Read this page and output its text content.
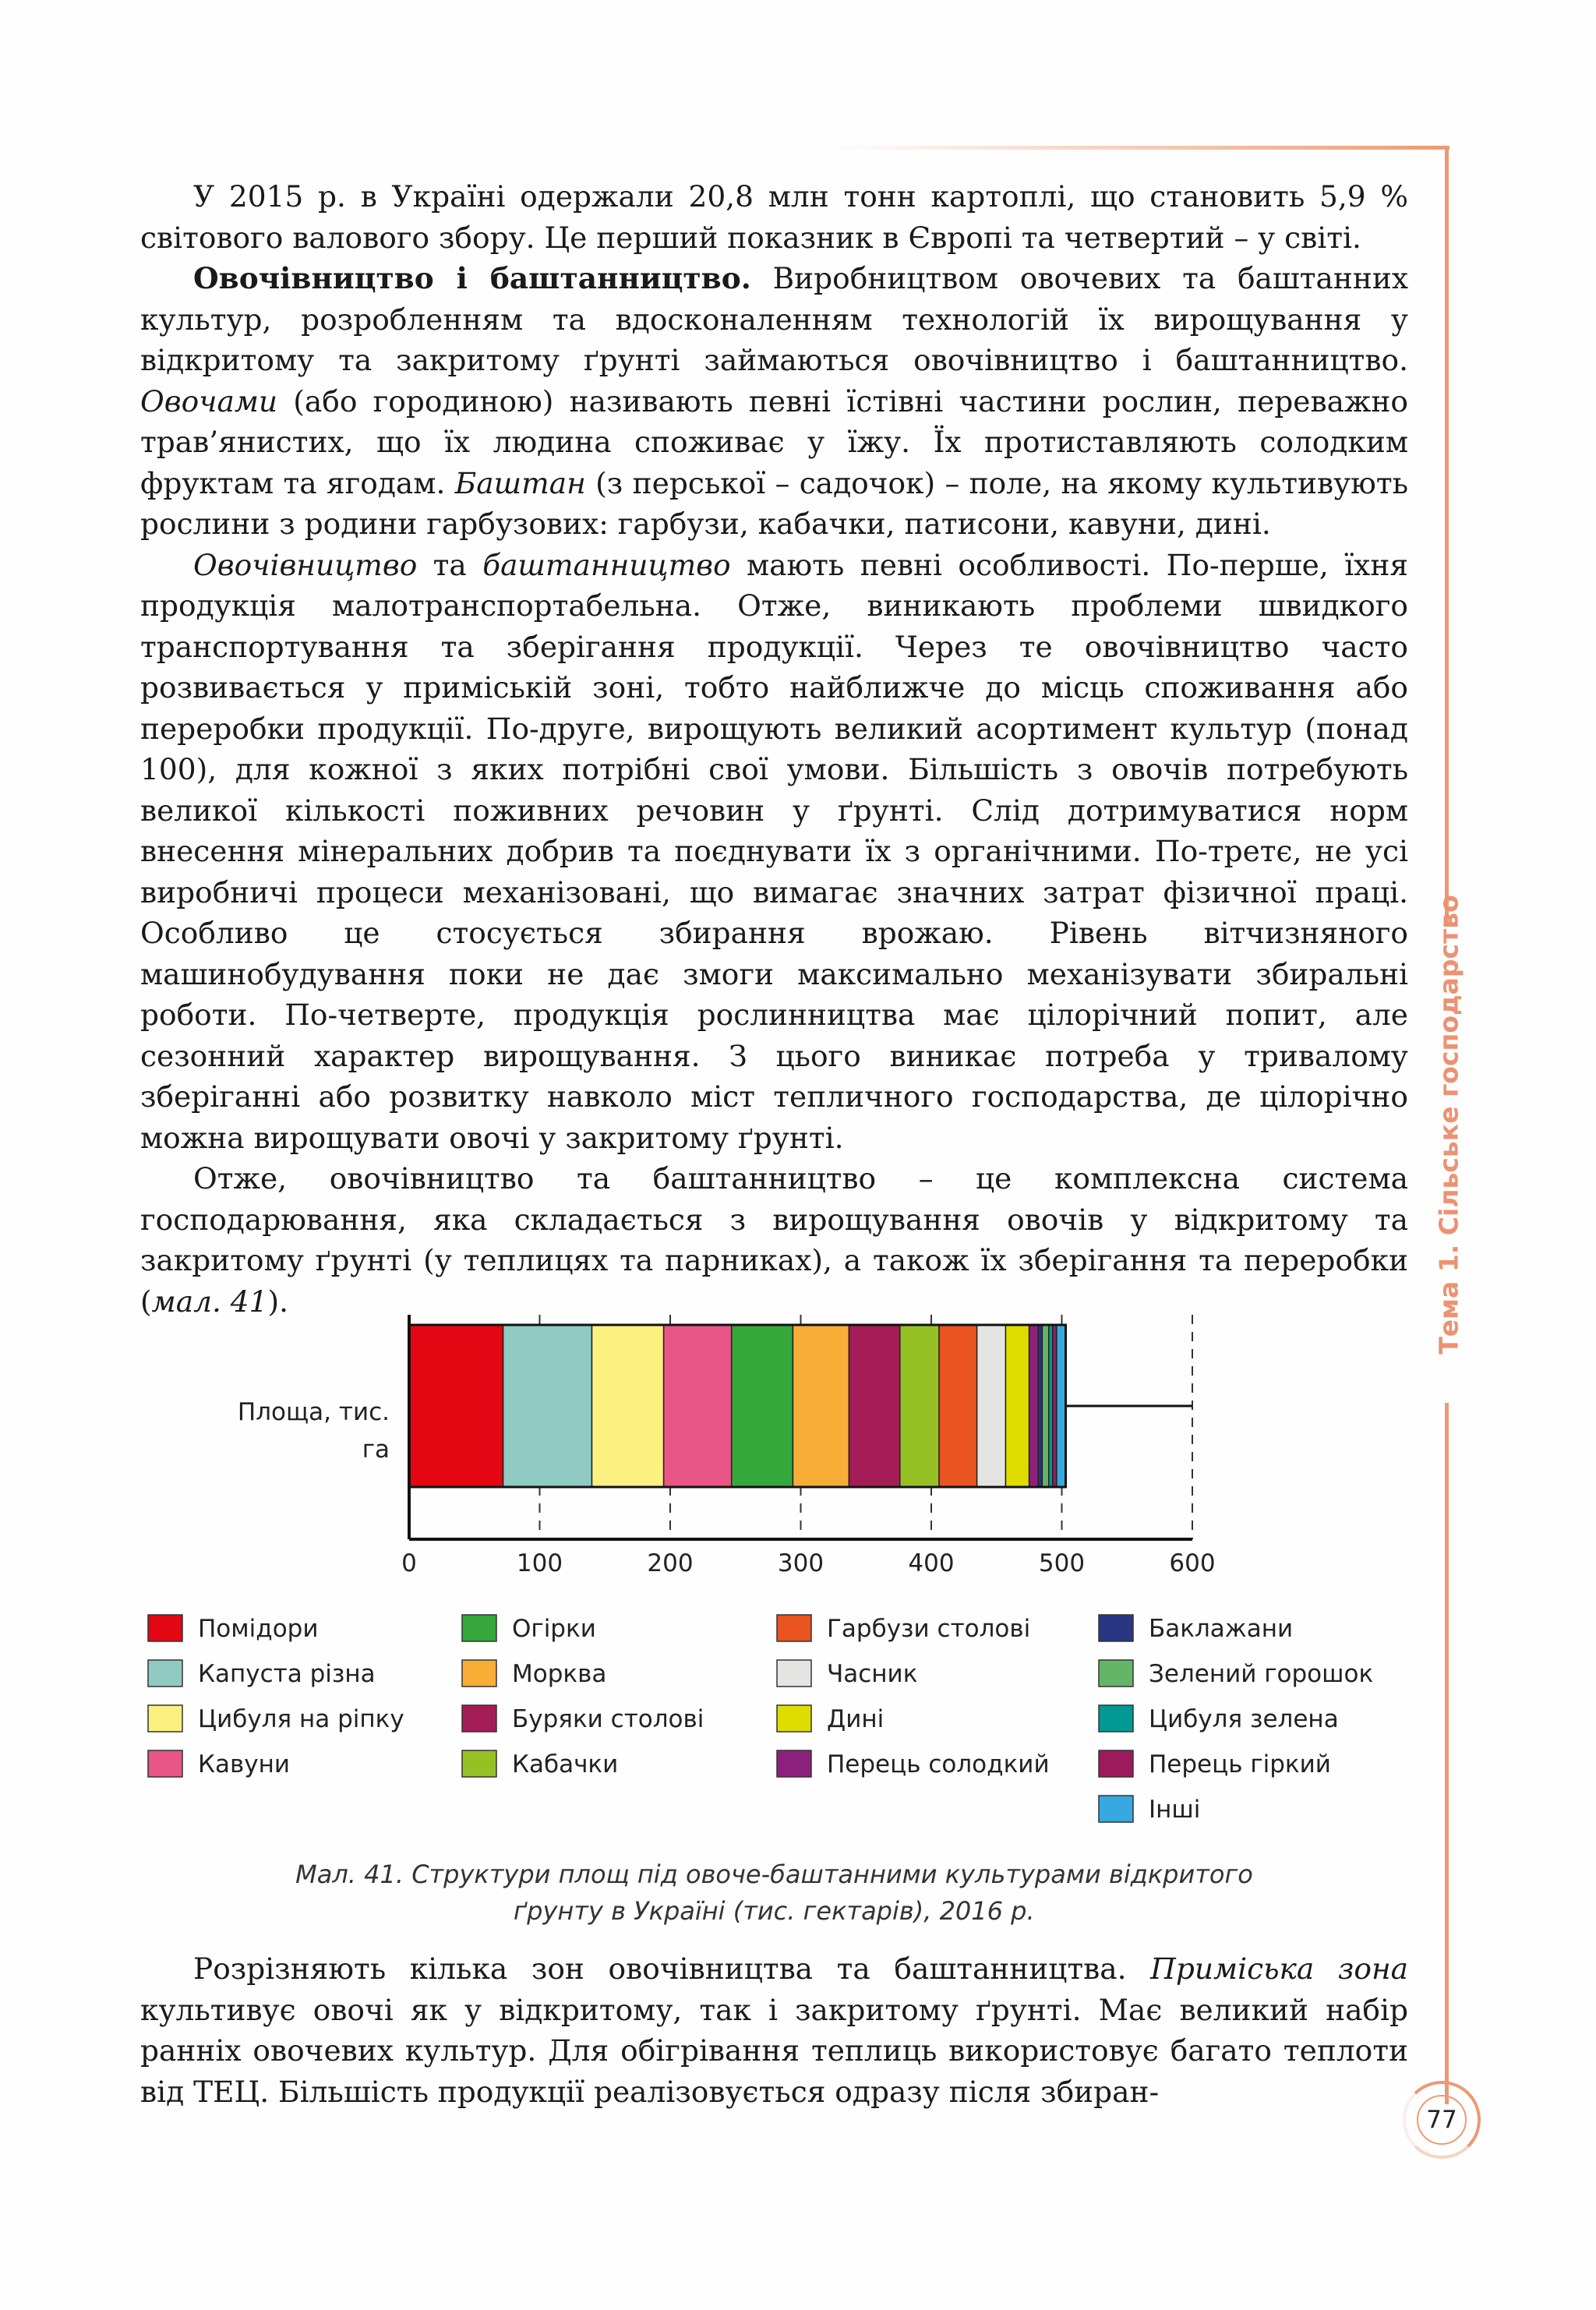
Тема 1. Сільське господарство

У 2015 р. в Україні одержали 20,8 млн тонн картоплі, що становить 5,9 % світового валового збору. Це перший показник в Європі та четвертий – у світі.

Овочівництво і баштанництво. Виробництвом овочевих та баштанних культур, розробленням та вдосконаленням технологій їх вирощування у відкритому та закритому ґрунті займаються овочівництво і баштанництво. Овочами (або городиною) називають певні їстівні частини рослин, переважно трав’янистих, що їх людина споживає у їжу. Їх протиставляють солодким фруктам та ягодам. Баштан (з перської – садочок) – поле, на якому культивують рослини з родини гарбузових: гарбузи, кабачки, патисони, кавуни, дині.

Овочівництво та баштанництво мають певні особливості. По-перше, їхня продукція малотранспортабельна. Отже, виникають проблеми швидкого транспортування та зберігання продукції. Через те овочівництво часто розвивається у приміській зоні, тобто найближче до місць споживання або переробки продукції. По-друге, вирощують великий асортимент культур (понад 100), для кожної з яких потрібні свої умови. Більшість з овочів потребують великої кількості поживних речовин у ґрунті. Слід дотримуватися норм внесення мінеральних добрив та поєднувати їх з органічними. По-третє, не усі виробничі процеси механізовані, що вимагає значних затрат фізичної праці. Особливо це стосується збирання врожаю. Рівень вітчизняного машинобудування поки не дає змоги максимально механізувати збиральні роботи. По-четверте, продукція рослинництва має цілорічний попит, але сезонний характер вирощування. З цього виникає потреба у тривалому зберіганні або розвитку навколо міст тепличного господарства, де цілорічно можна вирощувати овочі у закритому ґрунті.

Отже, овочівництво та баштанництво – це комплексна система господарювання, яка складається з вирощування овочів у відкритому та закритому ґрунті (у теплицях та парниках), а також їх зберігання та переробки (мал. 41).

Площа, тис. га
0	100	200	300	400	500	600
Помідори
Капуста різна
Цибуля на ріпку
Кавуни
Огірки
Морква
Буряки столові
Кабачки
Гарбузи столові
Часник
Дині
Перець солодкий
Баклажани
Зелений горошок
Цибуля зелена
Перець гіркий
Інші
Мал. 41. Структури площ під овоче-баштанними культурами відкритого
ґрунту в Україні (тис. гектарів), 2016 р.

Розрізняють кілька зон овочівництва та баштанництва. Приміська зона культивує овочі як у відкритому, так і закритому ґрунті. Має великий набір ранніх овочевих культур. Для обігрівання теплиць використовує багато теплоти від ТЕЦ. Більшість продукції реалізовується одразу після збиран-

77
